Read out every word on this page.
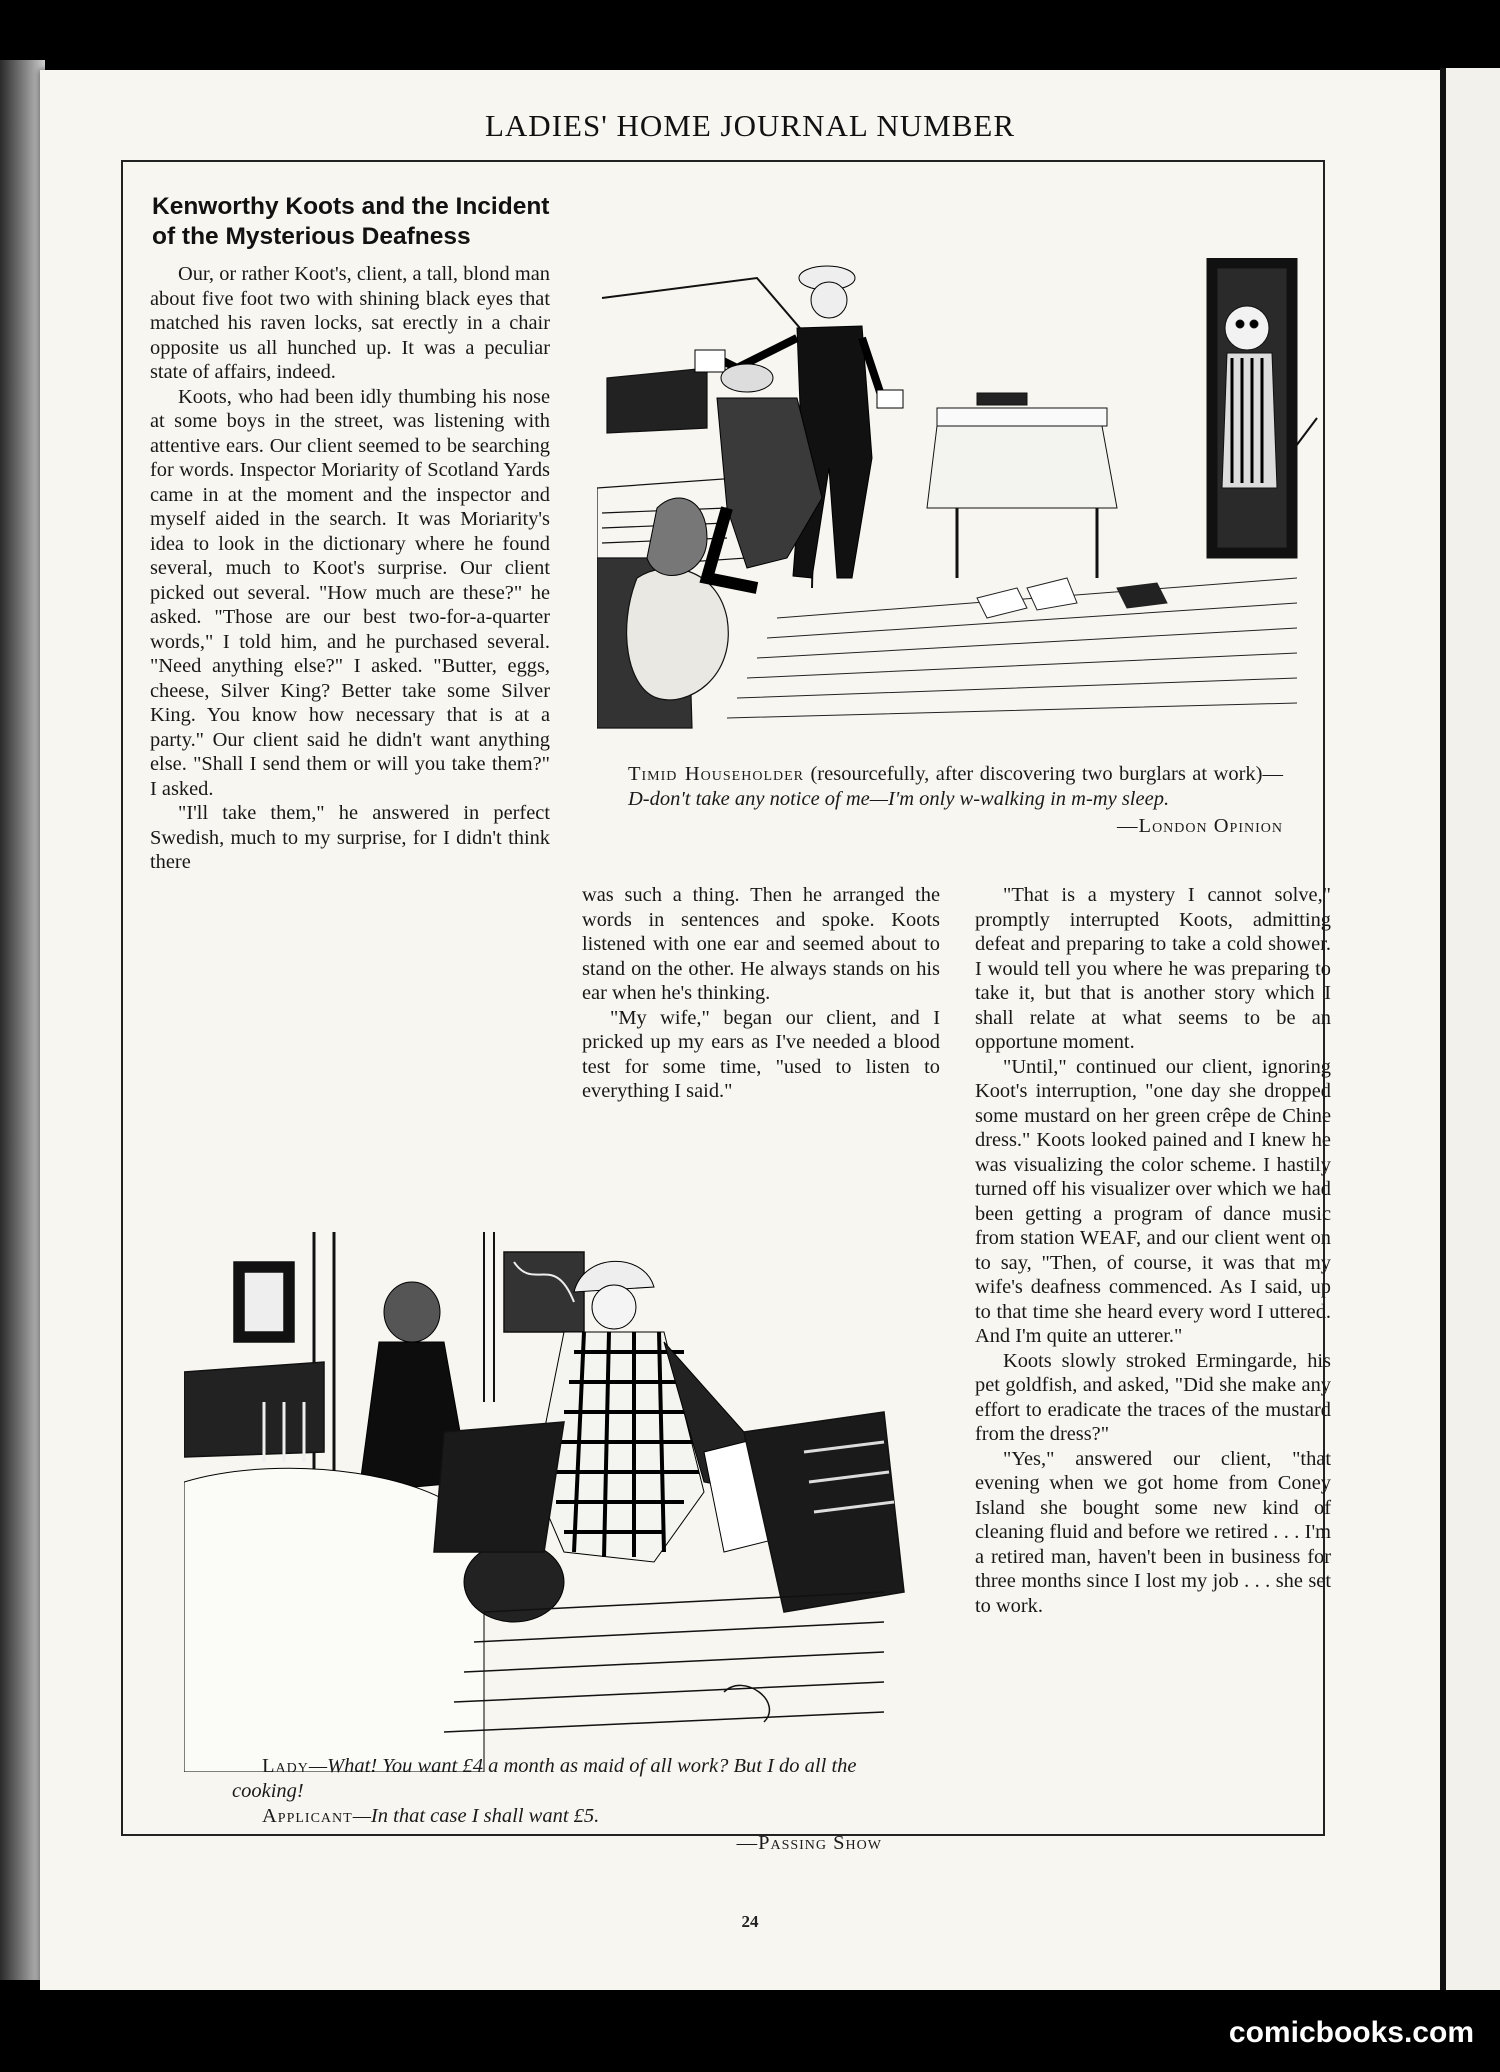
LADIES' HOME JOURNAL NUMBER
Kenworthy Koots and the Incident of the Mysterious Deafness

Our, or rather Koot's, client, a tall, blond man about five foot two with shining black eyes that matched his raven locks, sat erectly in a chair opposite us all hunched up. It was a peculiar state of affairs, indeed.

Koots, who had been idly thumbing his nose at some boys in the street, was listening with attentive ears. Our client seemed to be searching for words. Inspector Moriarity of Scotland Yards came in at the moment and the inspector and myself aided in the search. It was Moriarity's idea to look in the dictionary where he found several, much to Koot's surprise. Our client picked out several. "How much are these?" he asked. "Those are our best two-for-a-quarter words," I told him, and he purchased several. "Need anything else?" I asked. "Butter, eggs, cheese, Silver King? Better take some Silver King. You know how necessary that is at a party." Our client said he didn't want anything else. "Shall I send them or will you take them?" I asked.

"I'll take them," he answered in perfect Swedish, much to my surprise, for I didn't think there

was such a thing. Then he arranged the words in sentences and spoke. Koots listened with one ear and seemed about to stand on the other. He always stands on his ear when he's thinking.

"My wife," began our client, and I pricked up my ears as I've needed a blood test for some time, "used to listen to everything I said."

"That is a mystery I cannot solve," promptly interrupted Koots, admitting defeat and preparing to take a cold shower. I would tell you where he was preparing to take it, but that is another story which I shall relate at what seems to be an opportune moment.

"Until," continued our client, ignoring Koot's interruption, "one day she dropped some mustard on her green crêpe de Chine dress." Koots looked pained and I knew he was visualizing the color scheme. I hastily turned off his visualizer over which we had been getting a program of dance music from station WEAF, and our client went on to say, "Then, of course, it was that my wife's deafness commenced. As I said, up to that time she heard every word I uttered. And I'm quite an utterer."

Koots slowly stroked Ermingarde, his pet goldfish, and asked, "Did she make any effort to eradicate the traces of the mustard from the dress?"

"Yes," answered our client, "that evening when we got home from Coney Island she bought some new kind of cleaning fluid and before we retired . . . I'm a retired man, haven't been in business for three months since I lost my job . . . she set to work.

Timid Householder (resourcefully, after discovering two burglars at work)—D-don't take any notice of me—I'm only w-walking in m-my sleep.
—London Opinion
Lady—What! You want £4 a month as maid of all work? But I do all the cooking!
Applicant—In that case I shall want £5.
—Passing Show
24
comicbooks.com
